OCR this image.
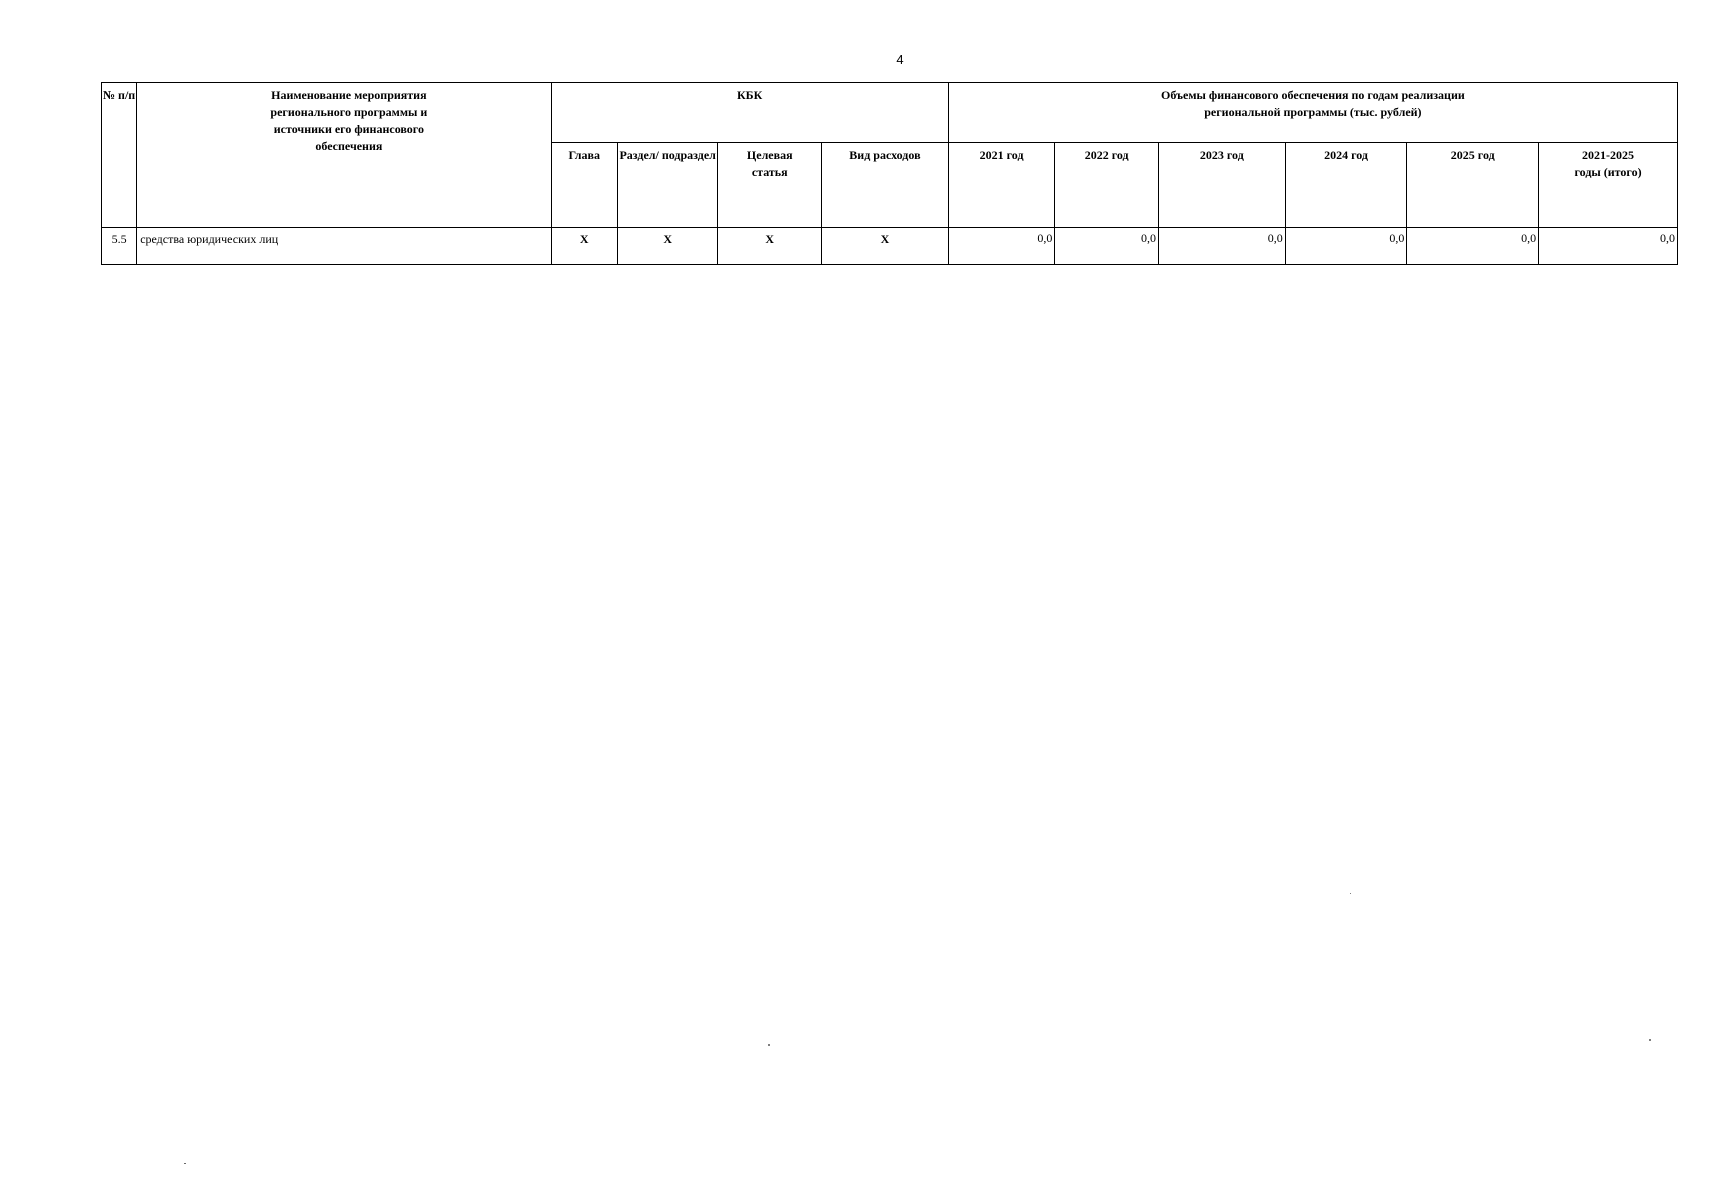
4
№ п/п	Наименование мероприятия регионального программы и источники его финансового обеспечения	КБК				Объемы финансового обеспечения по годам реализации региональной программы (тыс. рублей)					
		Глава	Раздел/ подраздел	Целевая статья	Вид расходов	2021 год	2022 год	2023 год	2024 год	2025 год	2021-2025 годы (итого)
5.5	средства юридических лиц	X	X	X	X	0,0	0,0	0,0	0,0	0,0	0,0
